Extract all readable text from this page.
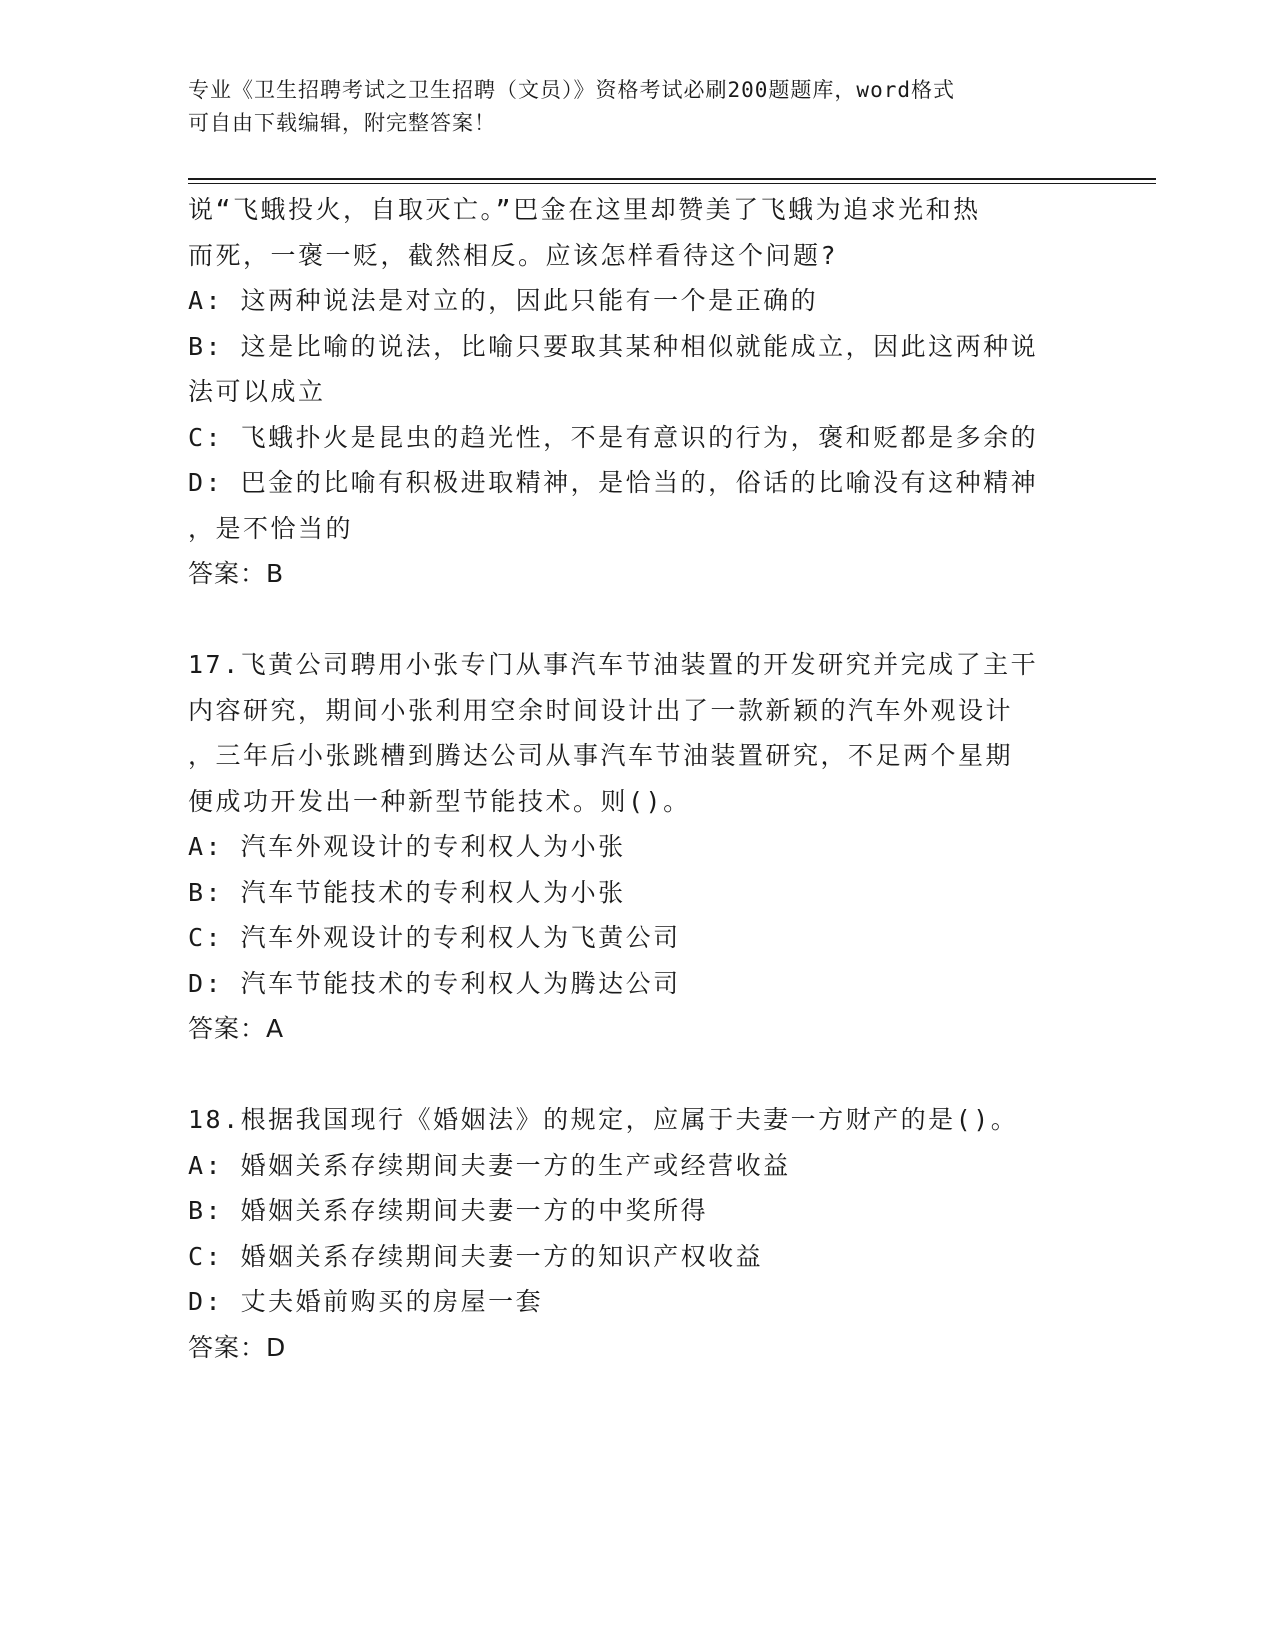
专业《卫生招聘考试之卫生招聘（文员）》资格考试必刷200题题库，word格式
可自由下载编辑，附完整答案！
说“飞蛾投火，自取灭亡。”巴金在这里却赞美了飞蛾为追求光和热
而死，一褒一贬，截然相反。应该怎样看待这个问题?
A: 这两种说法是对立的，因此只能有一个是正确的
B: 这是比喻的说法，比喻只要取其某种相似就能成立，因此这两种说
法可以成立
C: 飞蛾扑火是昆虫的趋光性，不是有意识的行为，褒和贬都是多余的
D: 巴金的比喻有积极进取精神，是恰当的，俗话的比喻没有这种精神
，是不恰当的
答案：B
17.飞黄公司聘用小张专门从事汽车节油装置的开发研究并完成了主干
内容研究，期间小张利用空余时间设计出了一款新颖的汽车外观设计
，三年后小张跳槽到腾达公司从事汽车节油装置研究，不足两个星期
便成功开发出一种新型节能技术。则()。
A: 汽车外观设计的专利权人为小张
B: 汽车节能技术的专利权人为小张
C: 汽车外观设计的专利权人为飞黄公司
D: 汽车节能技术的专利权人为腾达公司
答案：A
18.根据我国现行《婚姻法》的规定，应属于夫妻一方财产的是()。
A: 婚姻关系存续期间夫妻一方的生产或经营收益
B: 婚姻关系存续期间夫妻一方的中奖所得
C: 婚姻关系存续期间夫妻一方的知识产权收益
D: 丈夫婚前购买的房屋一套
答案：D
